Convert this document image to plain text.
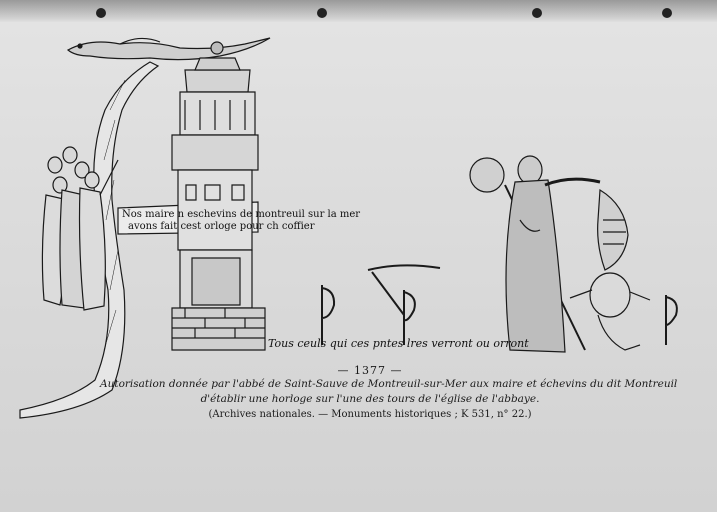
Nos maire n eschevins de montreuil sur la mer
avons fait cest orloge pour ch coffier
Tous ceuls qui ces pntes lres verront ou orront
— 1377 —
Autorisation donnée par l'abbé de Saint-Sauve de Montreuil-sur-Mer aux maire et échevins du dit Montreuil
d'établir une horloge sur l'une des tours de l'église de l'abbaye.
(Archives nationales. — Monuments historiques ; K 531, n° 22.)
